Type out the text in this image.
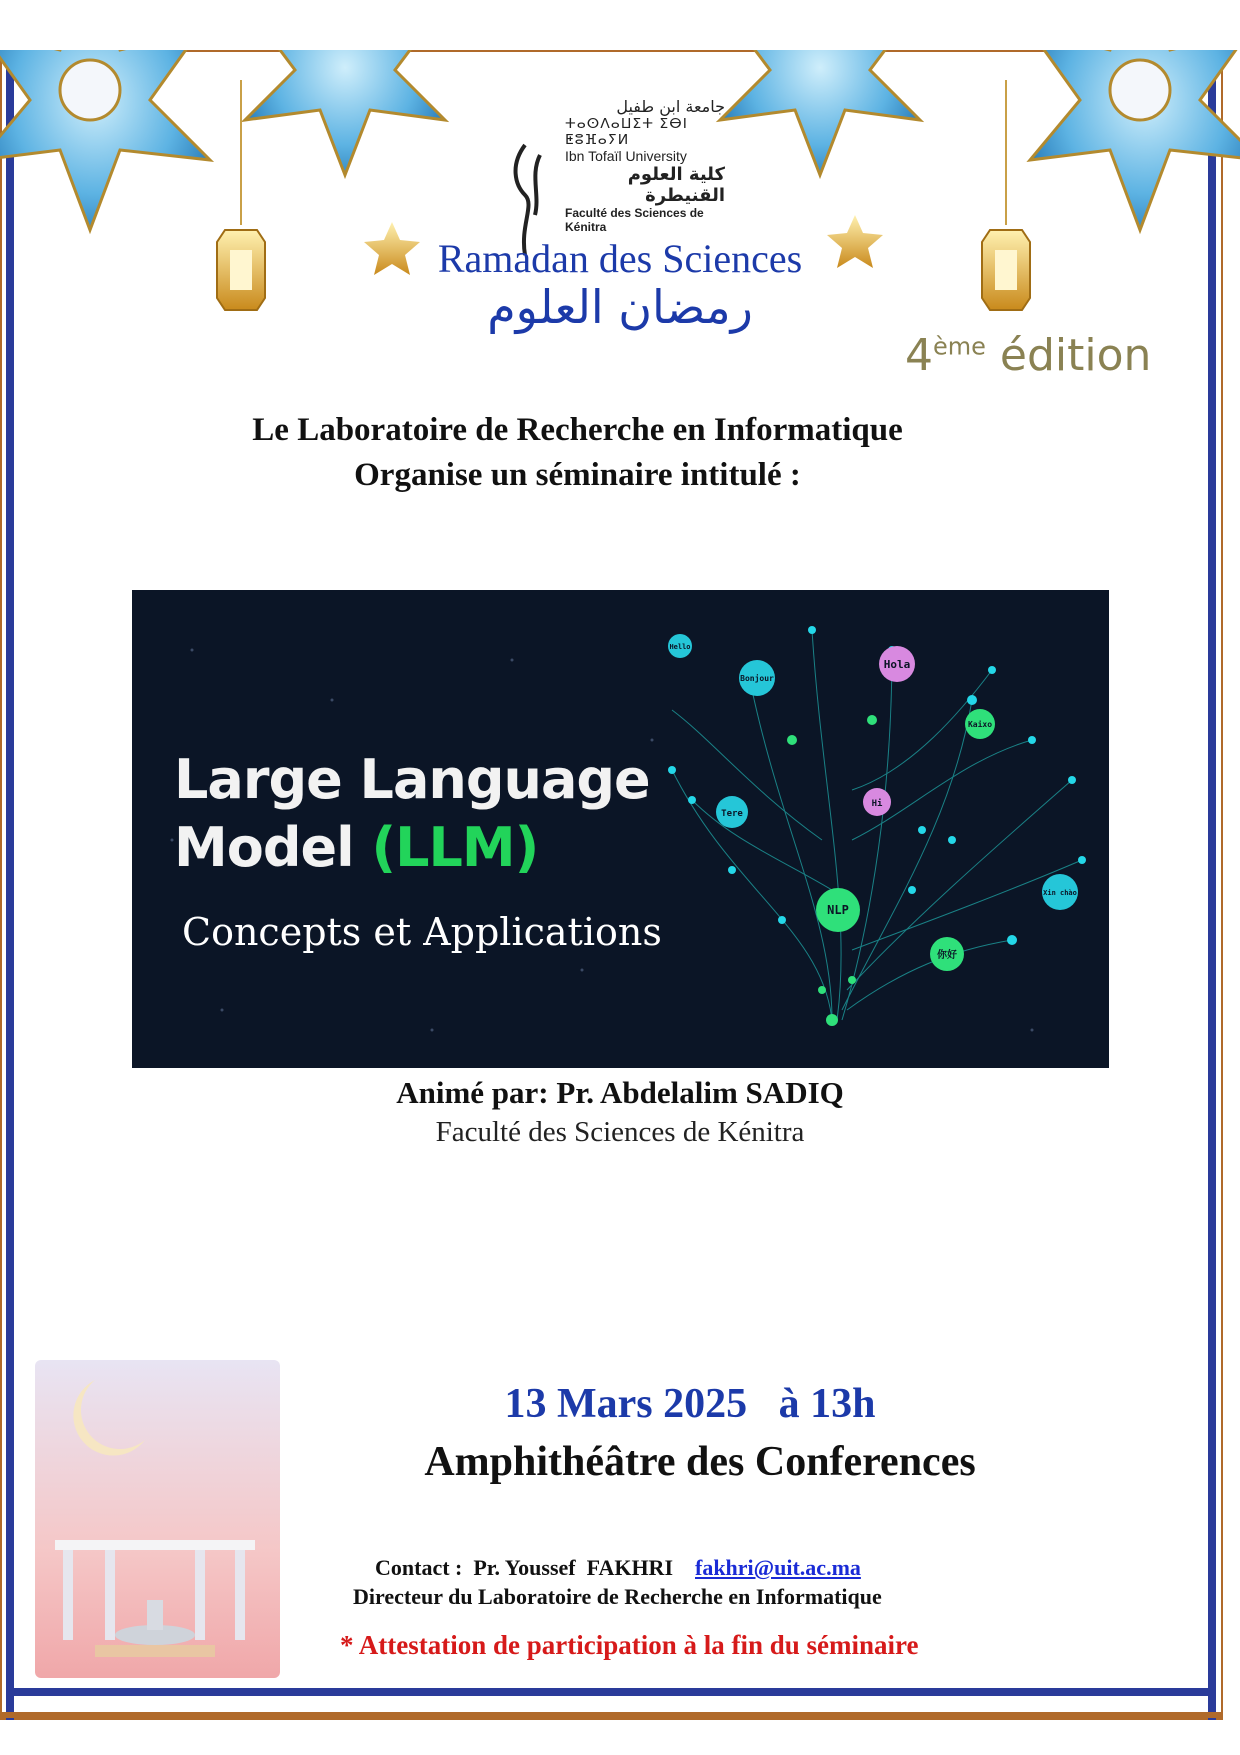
جامعة ابن طفيل
ⵜⴰⵙⴷⴰⵡⵉⵜ ⵉⴱⵏ ⵟⵓⴼⴰⵢⵍ
Ibn Tofaïl University
كلية العلوم القنيطرة
Faculté des Sciences de Kénitra
Ramadan des Sciences
رمضان العلوم
4ème édition
Le Laboratoire de Recherche en Informatique
Organise un séminaire intitulé :
Hello
Bonjour
Hola
Kaixo
Tere
Hi
NLP
Xin chào
你好
Large Language
Model (LLM)
Concepts et Applications
Animé par: Pr. Abdelalim SADIQ
Faculté des Sciences de Kénitra
13 Mars 2025   à 13h
Amphithéâtre des Conferences
Contact :  Pr. Youssef  FAKHRI fakhri@uit.ac.ma
Directeur du Laboratoire de Recherche en Informatique
* Attestation de participation à la fin du séminaire
